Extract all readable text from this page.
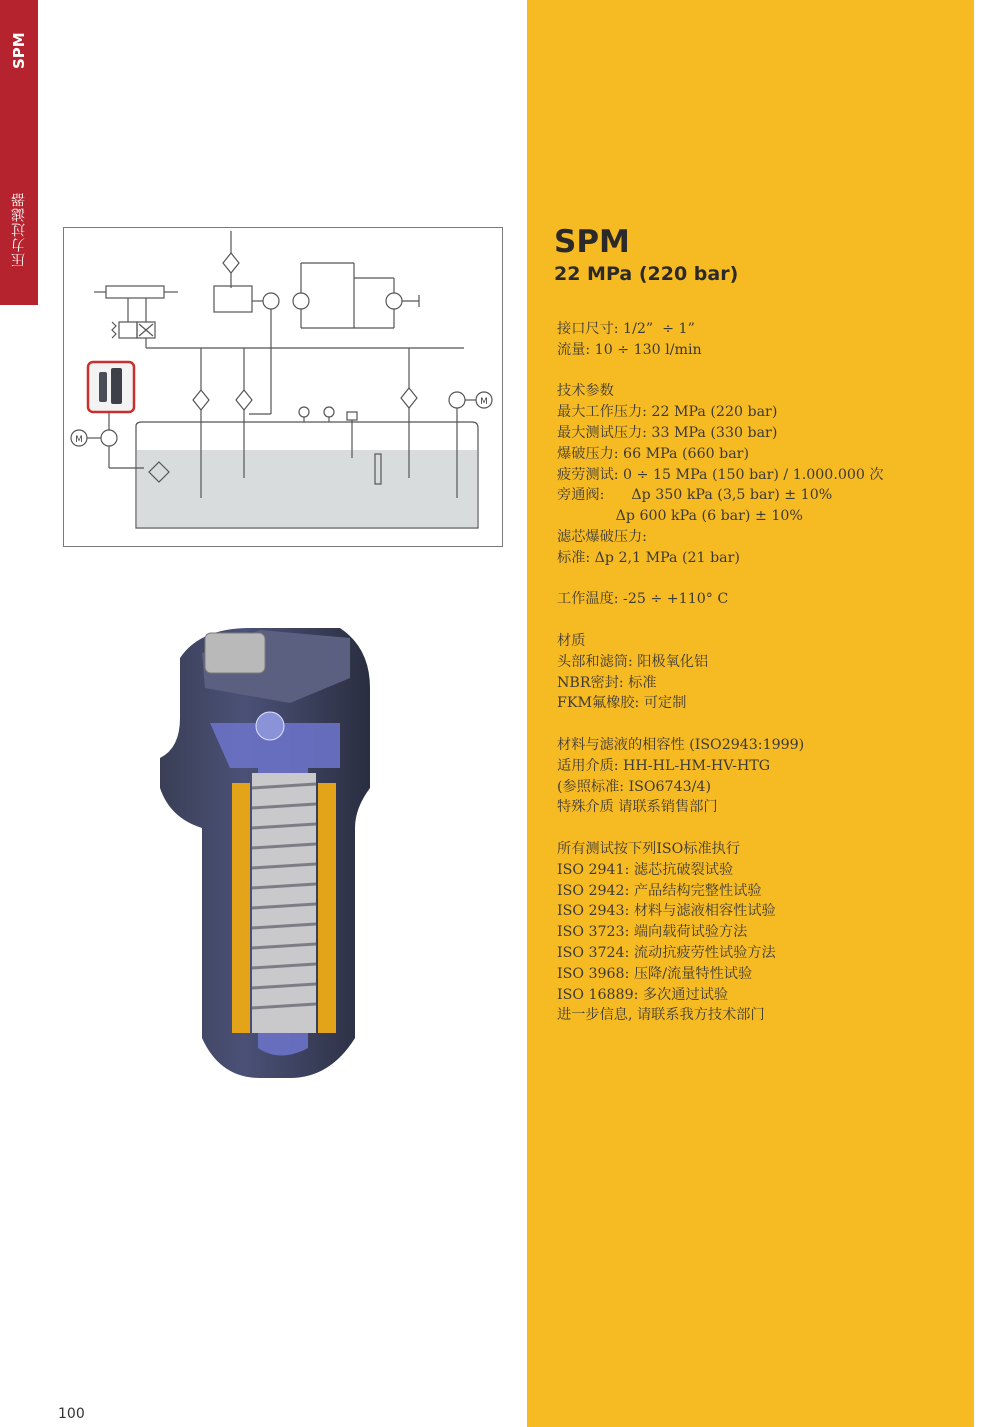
SPM
压力过滤器	SPM
22 MPa (220 bar)
接口尺寸: 1/2”  ÷ 1”
流量: 10 ÷ 130 l/min
技术参数
最大工作压力: 22 MPa (220 bar)
最大测试压力: 33 MPa (330 bar)
爆破压力: 66 MPa (660 bar)
疲劳测试: 0 ÷ 15 MPa (150 bar) / 1.000.000 次
旁通阀:      Δp 350 kPa (3,5 bar) ± 10%
Δp 600 kPa (6 bar) ± 10%
滤芯爆破压力:
标准: Δp 2,1 MPa (21 bar)
工作温度: -25 ÷ +110° C
材质
头部和滤筒: 阳极氧化铝
NBR密封: 标准
FKM氟橡胶: 可定制
材料与滤液的相容性 (ISO2943:1999)
适用介质: HH-HL-HM-HV-HTG
(参照标准: ISO6743/4)
特殊介质 请联系销售部门
所有测试按下列ISO标准执行
ISO 2941: 滤芯抗破裂试验
ISO 2942: 产品结构完整性试验
ISO 2943: 材料与滤液相容性试验
ISO 3723: 端向载荷试验方法
ISO 3724: 流动抗疲劳性试验方法
ISO 3968: 压降/流量特性试验
ISO 16889: 多次通过试验
进一步信息, 请联系我方技术部门
M
M
100
